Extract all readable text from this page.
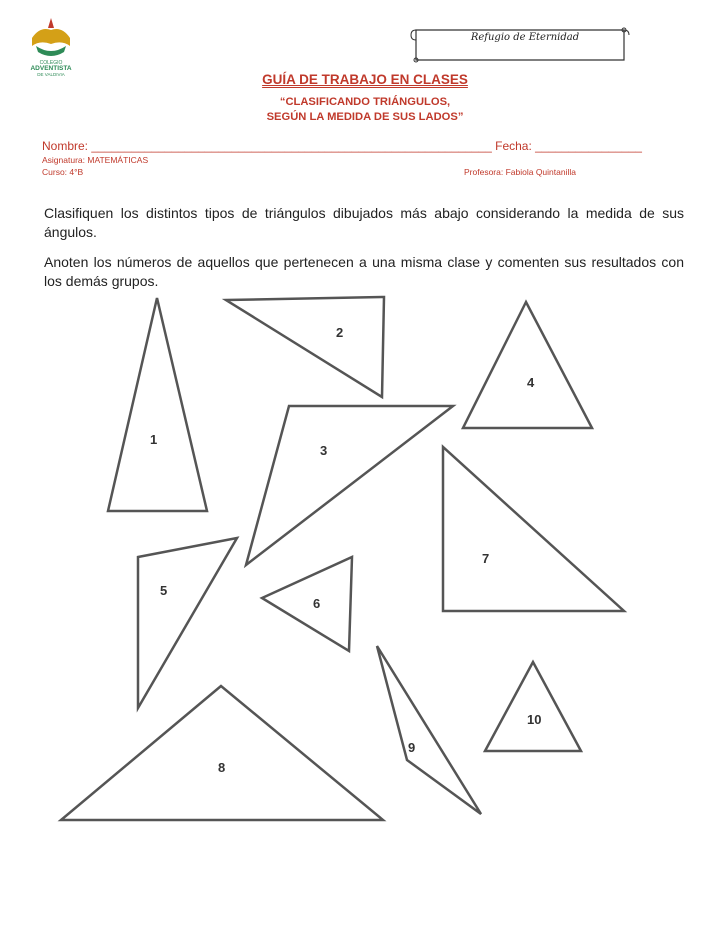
COLEGIO
ADVENTISTA
DE VALDIVIA
Refugio de Eternidad
GUÍA DE TRABAJO EN CLASES
“CLASIFICANDO TRIÁNGULOS,
SEGÚN LA MEDIDA DE SUS LADOS”
Nombre: ____________________________________________________________ Fecha: ________________
Asignatura: MATEMÁTICAS
Curso: 4°B	Profesora: Fabiola Quintanilla
Clasifiquen los distintos tipos de triángulos dibujados más abajo considerando la medida de sus ángulos.
Anoten los números de aquellos que pertenecen a una misma clase y comenten sus resultados con los demás grupos.
1
2
3
4
5
6
7
8
9
10
